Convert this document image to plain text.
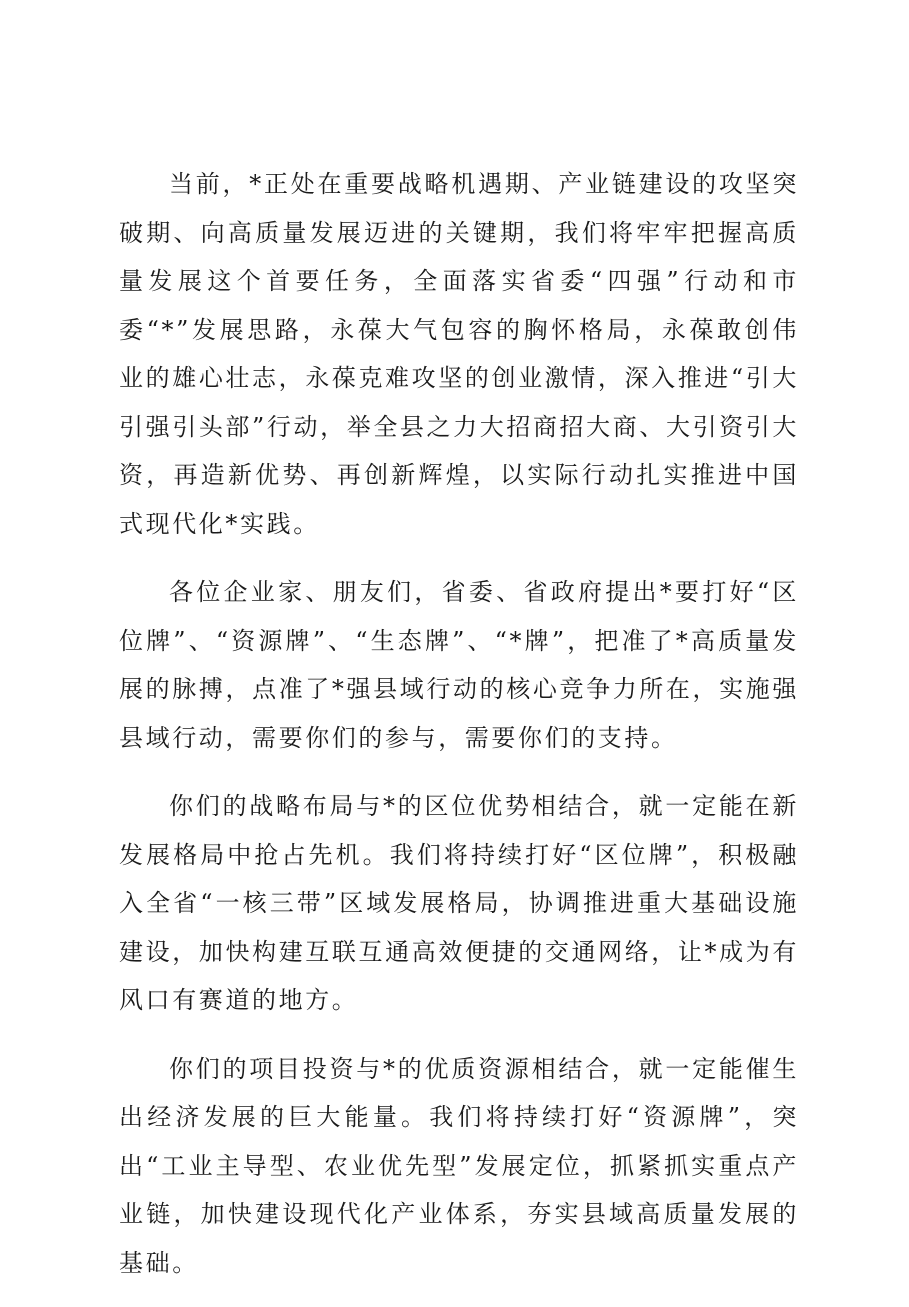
当前，*正处在重要战略机遇期、产业链建设的攻坚突破期、向高质量发展迈进的关键期，我们将牢牢把握高质量发展这个首要任务，全面落实省委“四强”行动和市委“*”发展思路，永葆大气包容的胸怀格局，永葆敢创伟业的雄心壮志，永葆克难攻坚的创业激情，深入推进“引大引强引头部”行动，举全县之力大招商招大商、大引资引大资，再造新优势、再创新辉煌，以实际行动扎实推进中国式现代化*实践。

各位企业家、朋友们，省委、省政府提出*要打好“区位牌”、“资源牌”、“生态牌”、“*牌”，把准了*高质量发展的脉搏，点准了*强县域行动的核心竞争力所在，实施强县域行动，需要你们的参与，需要你们的支持。

你们的战略布局与*的区位优势相结合，就一定能在新发展格局中抢占先机。我们将持续打好“区位牌”，积极融入全省“一核三带”区域发展格局，协调推进重大基础设施建设，加快构建互联互通高效便捷的交通网络，让*成为有风口有赛道的地方。

你们的项目投资与*的优质资源相结合，就一定能催生出经济发展的巨大能量。我们将持续打好“资源牌”，突出“工业主导型、农业优先型”发展定位，抓紧抓实重点产业链，加快建设现代化产业体系，夯实县域高质量发展的基础。
